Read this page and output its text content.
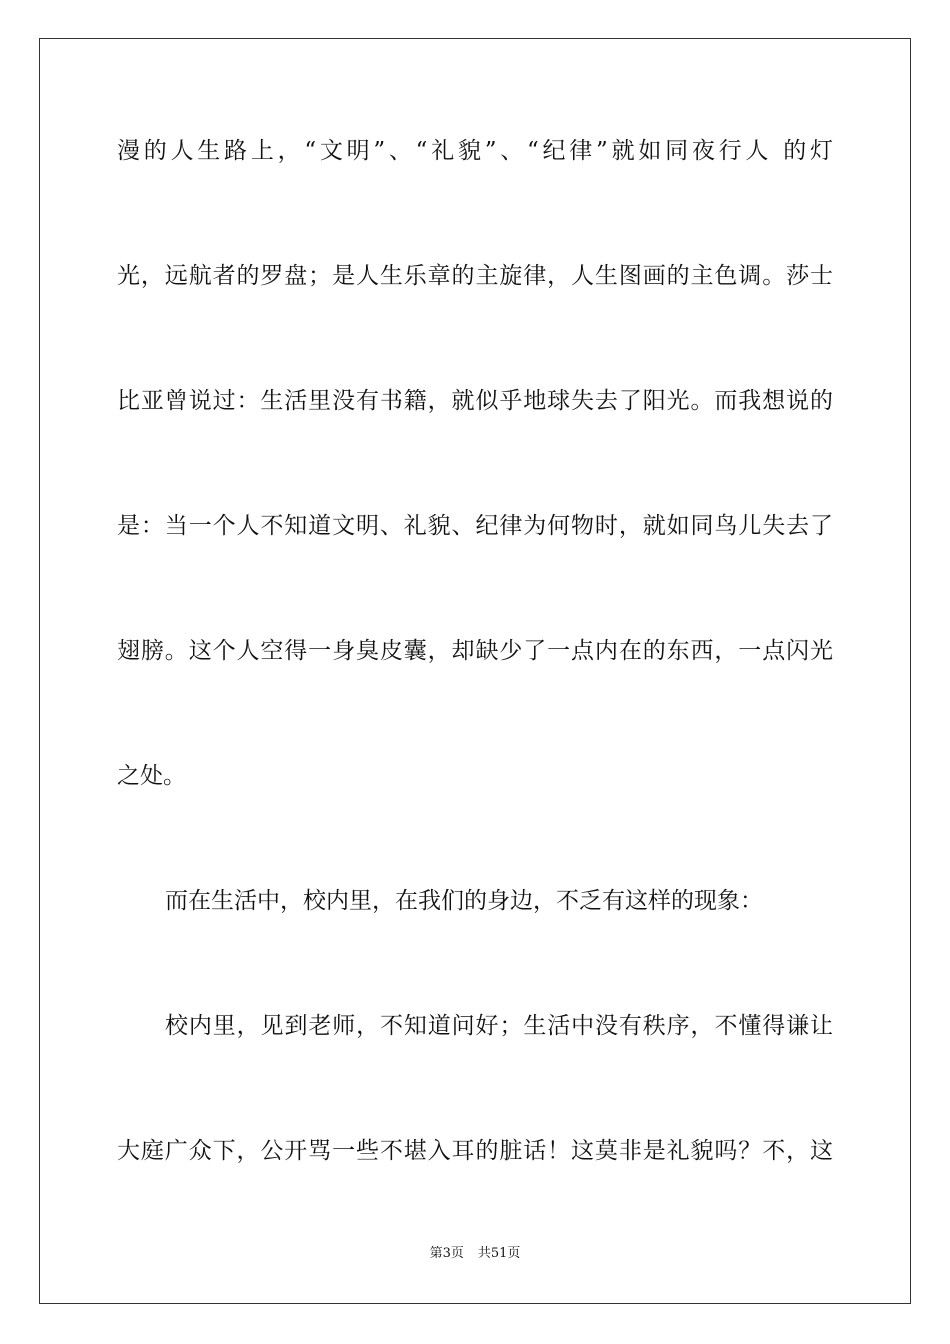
漫的人生路上，“文明”、“礼貌”、“纪律”就如同夜行人 的灯
光，远航者的罗盘；是人生乐章的主旋律，人生图画的主色调。莎士
比亚曾说过：生活里没有书籍，就似乎地球失去了阳光。而我想说的
是：当一个人不知道文明、礼貌、纪律为何物时，就如同鸟儿失去了
翅膀。这个人空得一身臭皮囊，却缺少了一点内在的东西，一点闪光
之处。
而在生活中，校内里，在我们的身边，不乏有这样的现象：
校内里，见到老师，不知道问好；生活中没有秩序，不懂得谦让
大庭广众下，公开骂一些不堪入耳的脏话！这莫非是礼貌吗？不，这
第3页 共51页
